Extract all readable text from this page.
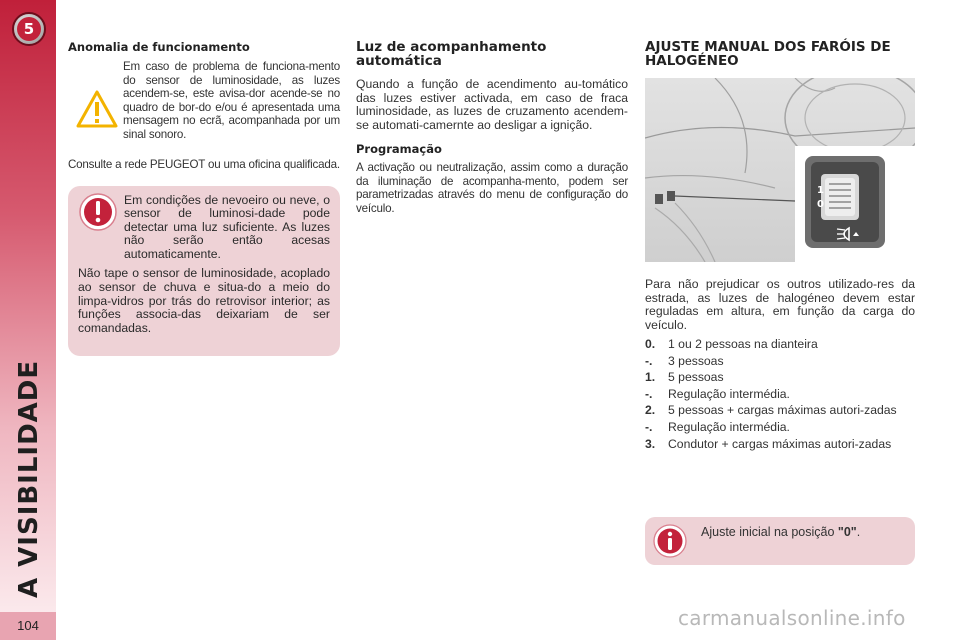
5
A VISIBILIDADE
104
Anomalia de funcionamento
Em caso de problema de funciona-mento do sensor de luminosidade, as luzes acendem-se, este avisa-dor acende-se no quadro de bor-do e/ou é apresentada uma mensagem no ecrã, acompanhada por um sinal sonoro.
Consulte a rede PEUGEOT ou uma oficina qualificada.

Em condições de nevoeiro ou neve, o sensor de luminosi-dade pode detectar uma luz suficiente. As luzes não serão então acesas automaticamente.

Não tape o sensor de luminosidade, acoplado ao sensor de chuva e situa-do a meio do limpa-vidros por trás do retrovisor interior; as funções associa-das deixariam de ser comandadas.

Luz de acompanhamento automática
Quando a função de acendimento au-tomático das luzes estiver activada, em caso de fraca luminosidade, as luzes de cruzamento acendem-se automati-camernte ao desligar a ignição.
Programação
A activação ou neutralização, assim como a duração da iluminação de acompanha-mento, podem ser parametrizadas através do menu de configuração do veículo.
AJUSTE MANUAL DOS FARÓIS DE HALOGÉNEO
1
0
Para não prejudicar os outros utilizado-res da estrada, as luzes de halogéneo devem estar reguladas em altura, em função da carga do veículo.
0.	1 ou 2 pessoas na dianteira
-.	3 pessoas
1.	5 pessoas
-.	Regulação intermédia.
2.	5 pessoas + cargas máximas autori-zadas
-.	Regulação intermédia.
3.	Condutor + cargas máximas autori-zadas
Ajuste inicial na posição "0".
carmanualsonline.info
